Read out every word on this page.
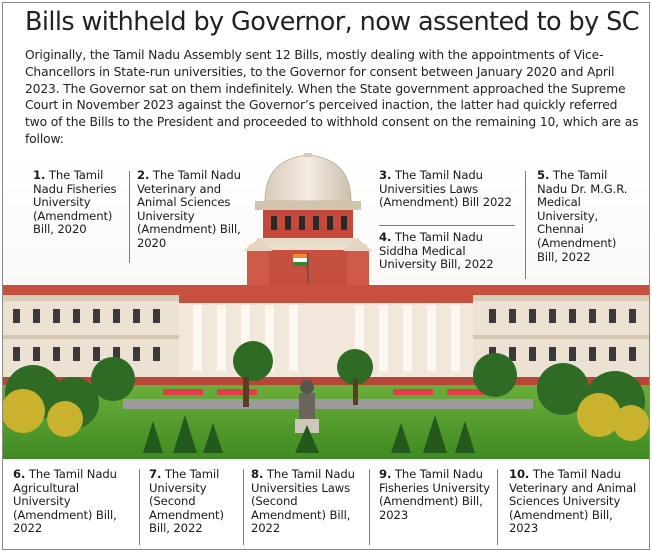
Bills withheld by Governor, now assented to by SC

Originally, the Tamil Nadu Assembly sent 12 Bills, mostly dealing with the appointments of Vice-Chancellors in State-run universities, to the Governor for consent between January 2020 and April 2023. The Governor sat on them indefinitely. When the State government approached the Supreme Court in November 2023 against the Governor’s perceived inaction, the latter had quickly referred two of the Bills to the President and proceeded to withhold consent on the remaining 10, which are as follow:

1. The Tamil Nadu Fisheries University (Amendment) Bill, 2020
2. The Tamil Nadu Veterinary and Animal Sciences University (Amendment) Bill, 2020
3. The Tamil Nadu Universities Laws (Amendment) Bill 2022
4. The Tamil Nadu Siddha Medical University Bill, 2022
5. The Tamil Nadu Dr. M.G.R. Medical University, Chennai (Amendment) Bill, 2022
6. The Tamil Nadu Agricultural University (Amendment) Bill, 2022
7. The Tamil University (Second Amendment) Bill, 2022
8. The Tamil Nadu Universities Laws (Second Amendment) Bill, 2022
9. The Tamil Nadu Fisheries University (Amendment) Bill, 2023
10. The Tamil Nadu Veterinary and Animal Sciences University (Amendment) Bill, 2023
